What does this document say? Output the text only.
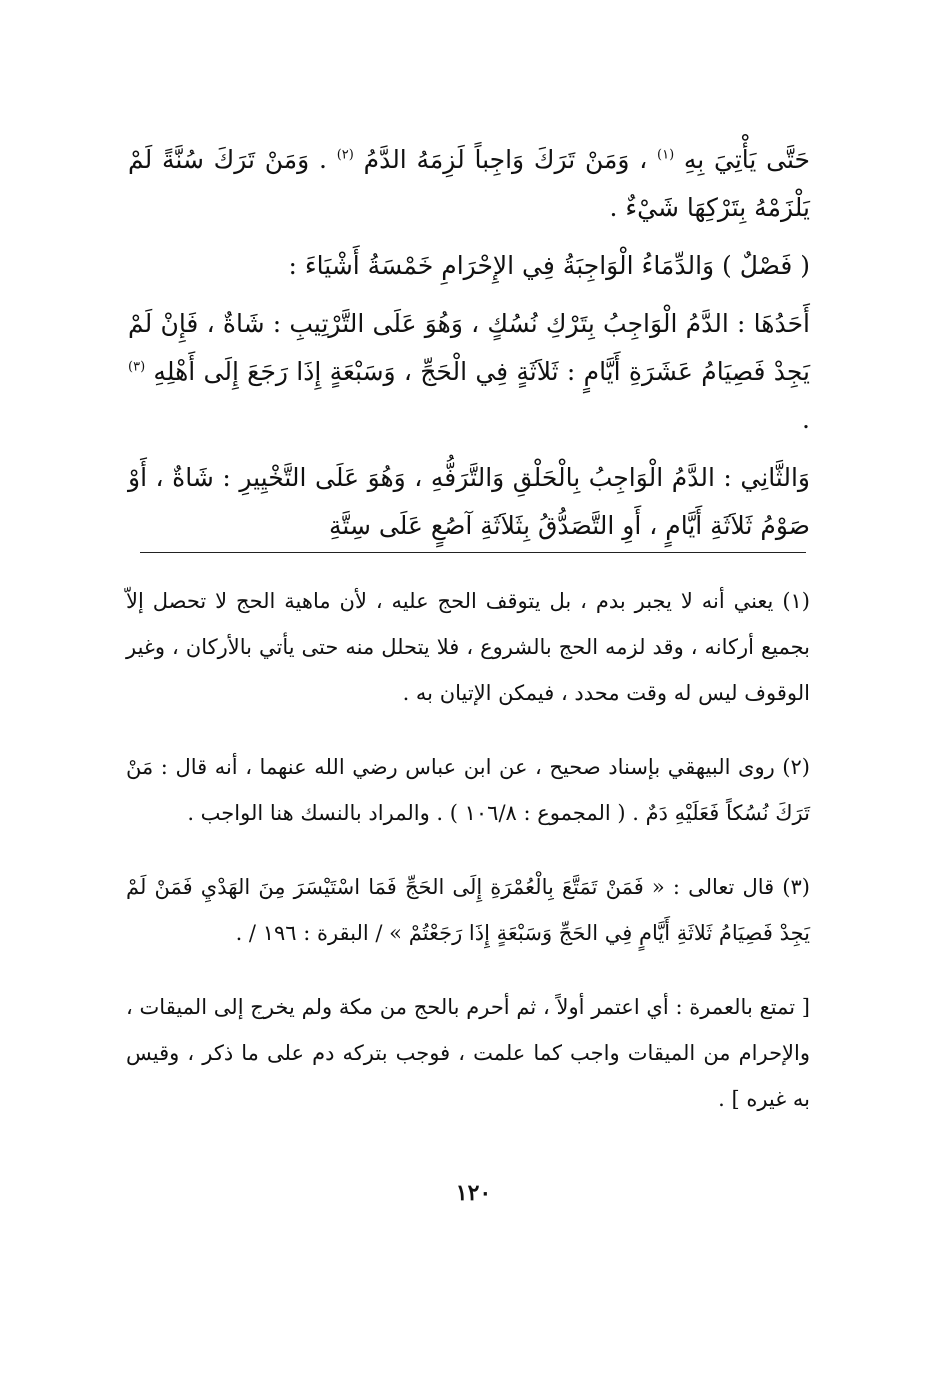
حَتَّى يَأْتِيَ بِهِ $^{(١)}$ ، وَمَنْ تَرَكَ وَاجِباً لَزِمَهُ الدَّمُ $^{(٢)}$ . وَمَنْ تَرَكَ سُنَّةً لَمْ يَلْزَمْهُ بِتَرْكِهَا شَيْءٌ .

( فَصْلٌ ) وَالدِّمَاءُ الْوَاجِبَةُ فِي الإِحْرَامِ خَمْسَةُ أَشْيَاءَ :

أَحَدُهَا : الدَّمُ الْوَاجِبُ بِتَرْكِ نُسُكٍ ، وَهُوَ عَلَى التَّرْتِيبِ : شَاةٌ ، فَإِنْ لَمْ يَجِدْ فَصِيَامُ عَشَرَةِ أَيَّامٍ : ثَلاَثَةٍ فِي الْحَجِّ ، وَسَبْعَةٍ إِذَا رَجَعَ إِلَى أَهْلِهِ $^{(٣)}$ .

وَالثَّانِي : الدَّمُ الْوَاجِبُ بِالْحَلْقِ وَالتَّرَفُّهِ ، وَهُوَ عَلَى التَّخْيِيرِ : شَاةٌ ، أَوْ صَوْمُ ثَلاَثَةِ أَيَّامٍ ، أَوِ التَّصَدُّقُ بِثَلاَثَةِ آصُعٍ عَلَى سِتَّةِ

(١) يعني أنه لا يجبر بدم ، بل يتوقف الحج عليه ، لأن ماهية الحج لا تحصل إلاّ بجميع أركانه ، وقد لزمه الحج بالشروع ، فلا يتحلل منه حتى يأتي بالأركان ، وغير الوقوف ليس له وقت محدد ، فيمكن الإتيان به .

(٢) روى البيهقي بإسناد صحيح ، عن ابن عباس رضي الله عنهما ، أنه قال : مَنْ تَرَكَ نُسُكاً فَعَلَيْهِ دَمٌ . ( المجموع : ١٠٦/٨ ) . والمراد بالنسك هنا الواجب .

(٣) قال تعالى : « فَمَنْ تَمَتَّعَ بِالْعُمْرَةِ إِلَى الحَجِّ فَمَا اسْتَيْسَرَ مِنَ الهَدْيِ فَمَنْ لَمْ يَجِدْ فَصِيَامُ ثَلاثَةِ أَيَّامٍ فِي الحَجِّ وَسَبْعَةٍ إِذَا رَجَعْتُمْ » / البقرة : ١٩٦ / .

[ تمتع بالعمرة : أي اعتمر أولاً ، ثم أحرم بالحج من مكة ولم يخرج إلى الميقات ، والإحرام من الميقات واجب كما علمت ، فوجب بتركه دم على ما ذكر ، وقيس به غيره ] .

١٢٠
